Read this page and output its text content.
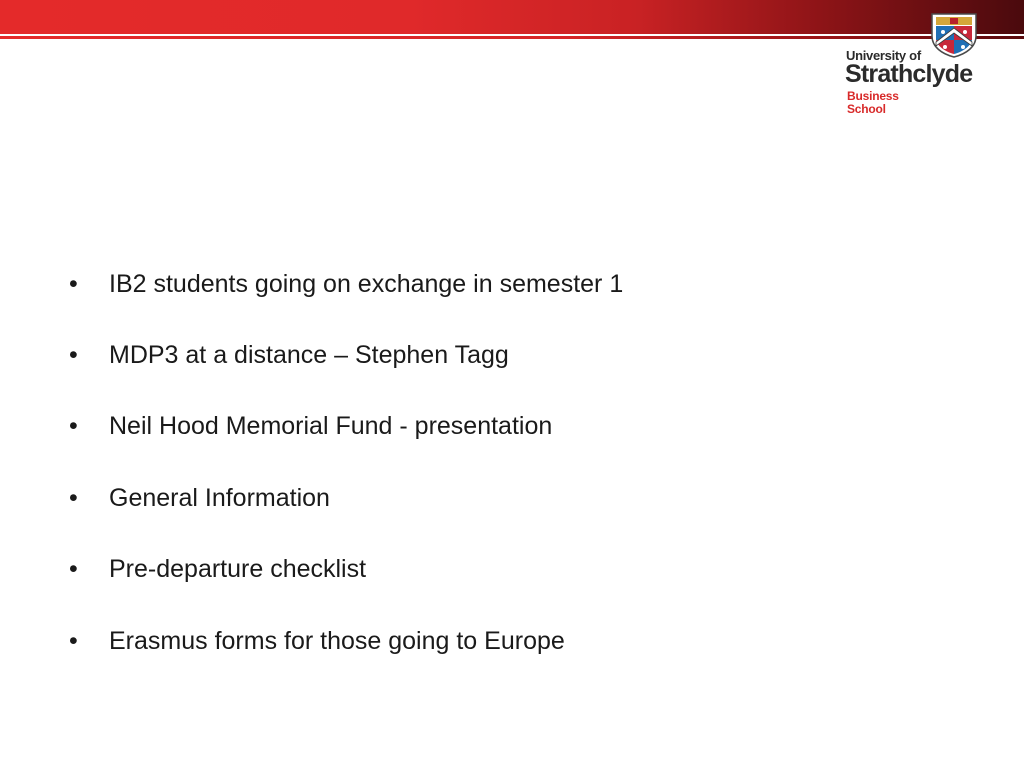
University of
Strathclyde
Business
School
• IB2 students going on exchange in semester 1
• MDP3 at a distance – Stephen Tagg
• Neil Hood Memorial Fund - presentation
• General Information
• Pre-departure checklist
• Erasmus forms for those going to Europe
